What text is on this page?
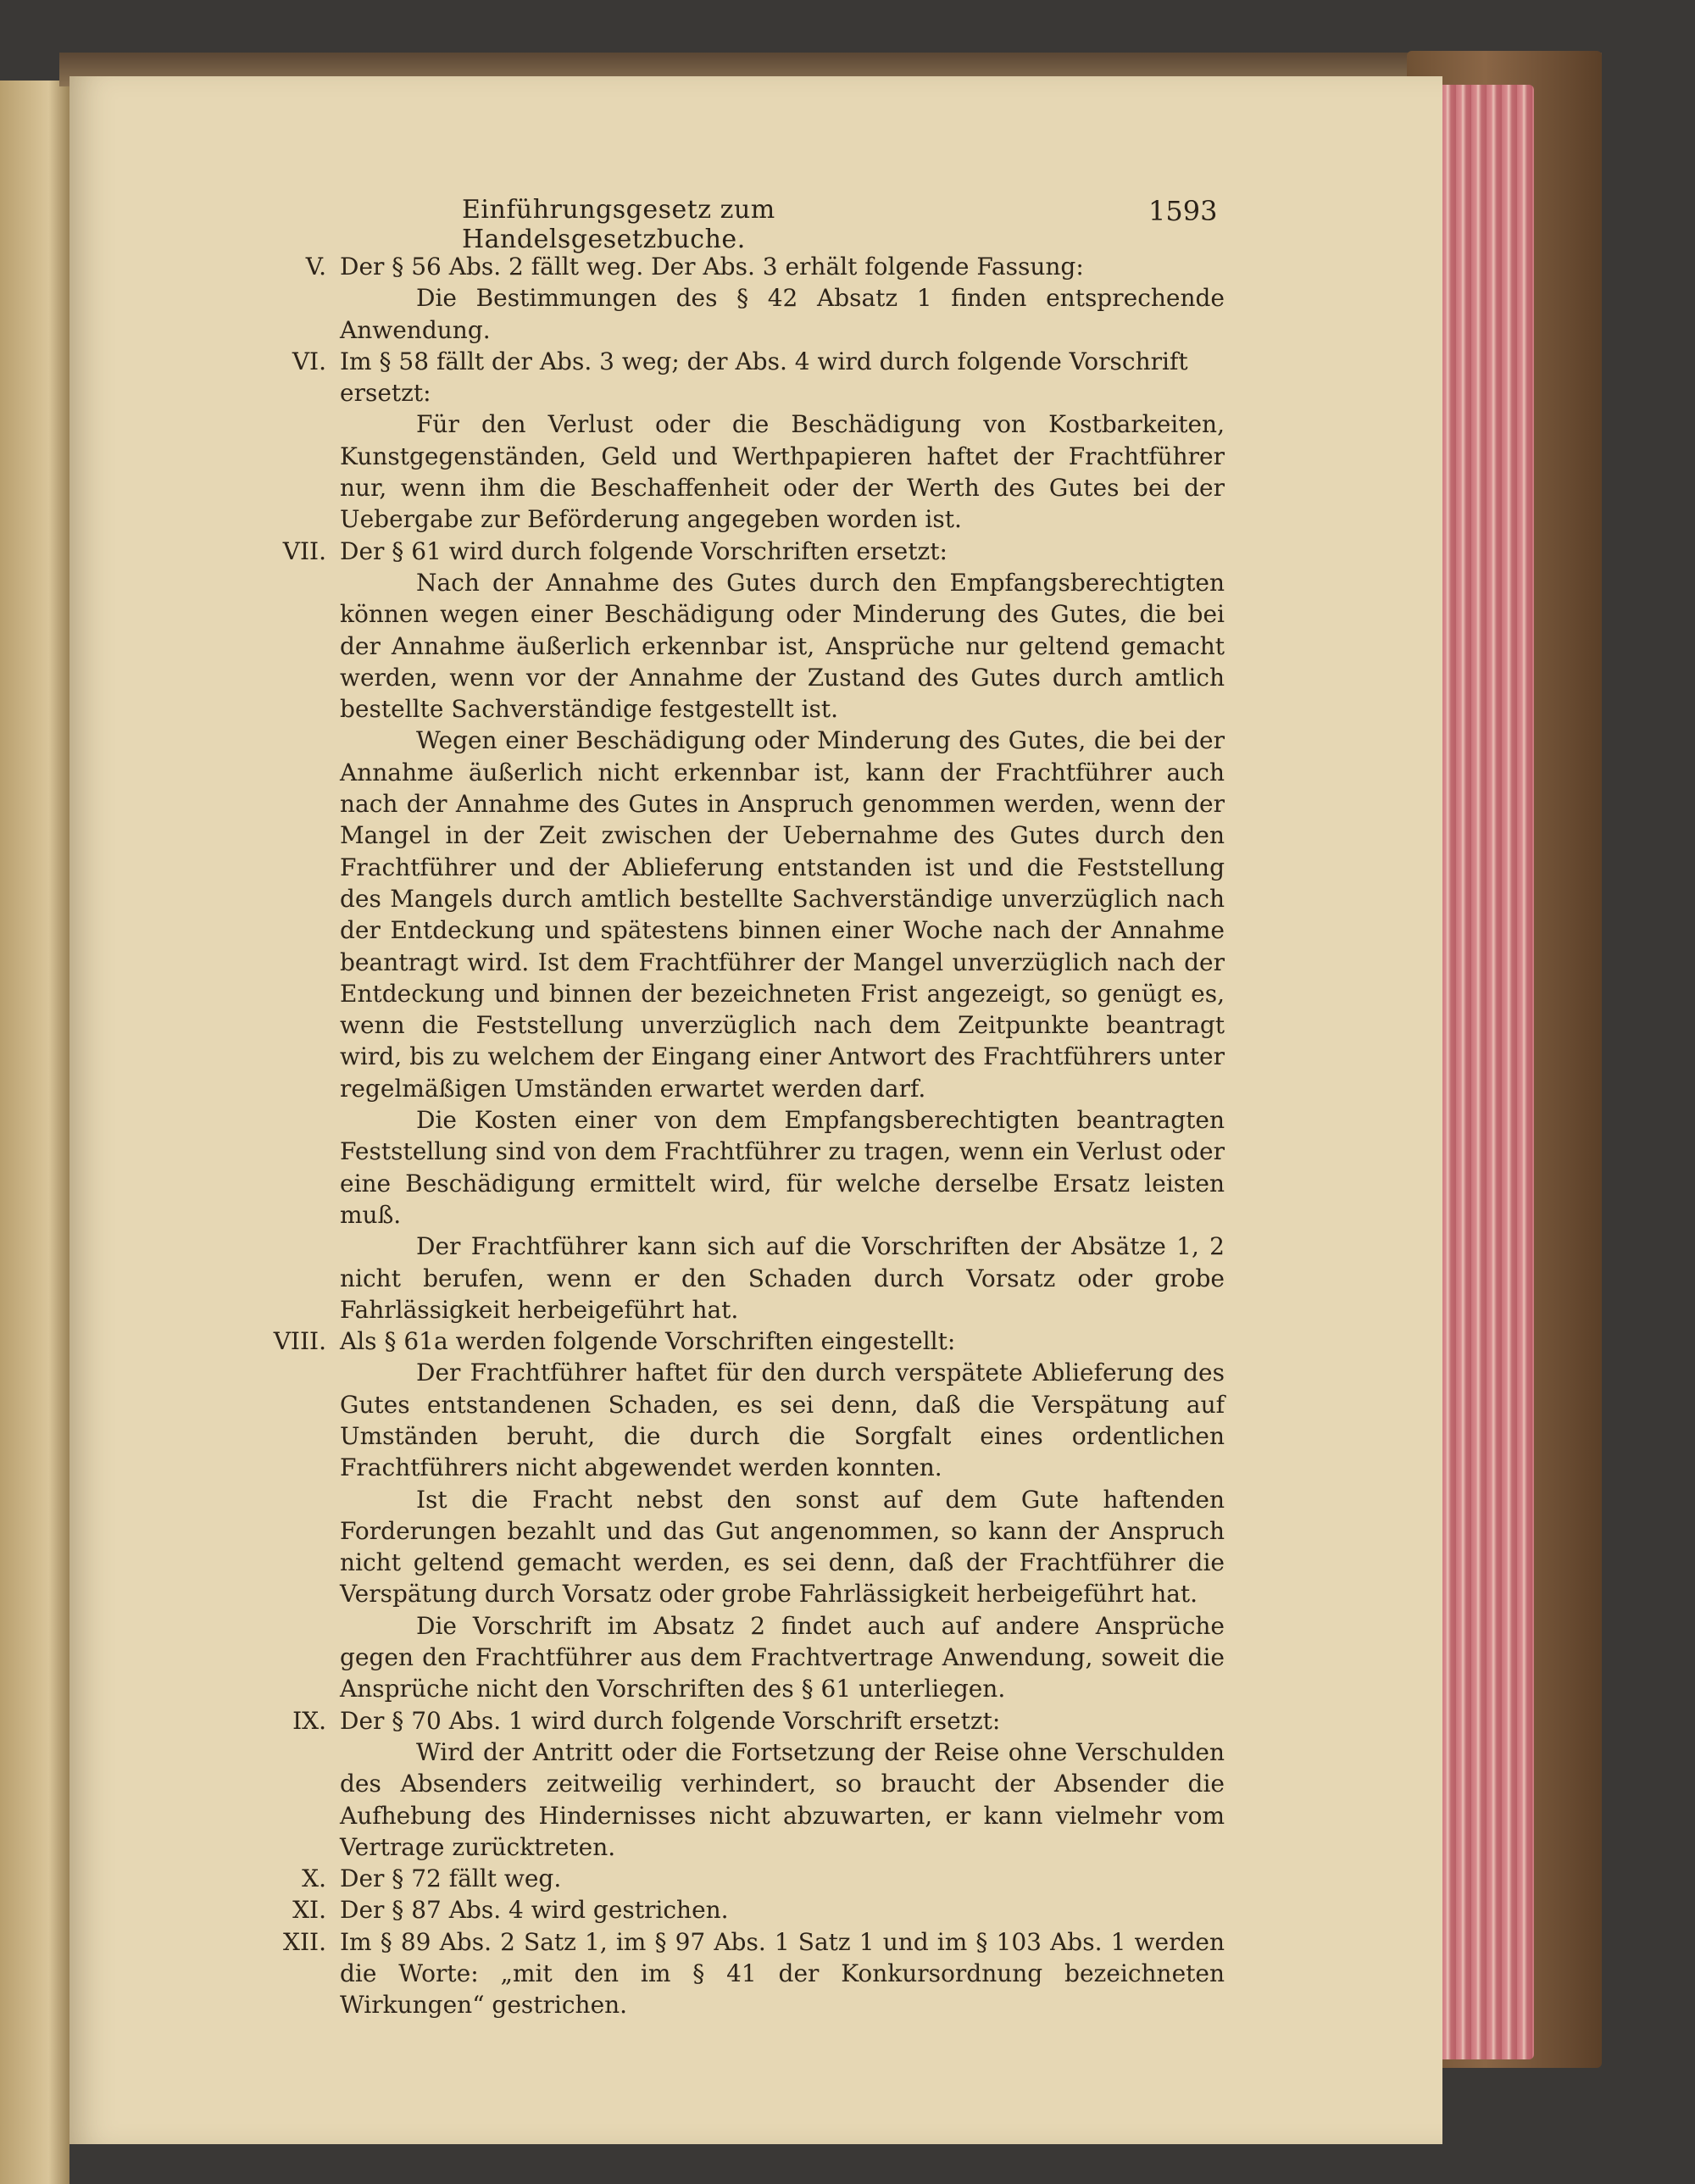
Einführungsgesetz zum Handelsgesetzbuche.
1593
V. Der § 56 Abs. 2 fällt weg. Der Abs. 3 erhält folgende Fassung:

Die Bestimmungen des § 42 Absatz 1 finden entsprechende Anwendung.

VI. Im § 58 fällt der Abs. 3 weg; der Abs. 4 wird durch folgende Vorschrift ersetzt:

Für den Verlust oder die Beschädigung von Kostbarkeiten, Kunstgegenständen, Geld und Werthpapieren haftet der Frachtführer nur, wenn ihm die Beschaffenheit oder der Werth des Gutes bei der Uebergabe zur Beförderung angegeben worden ist.

VII. Der § 61 wird durch folgende Vorschriften ersetzt:

Nach der Annahme des Gutes durch den Empfangsberechtigten können wegen einer Beschädigung oder Minderung des Gutes, die bei der Annahme äußerlich erkennbar ist, Ansprüche nur geltend gemacht werden, wenn vor der Annahme der Zustand des Gutes durch amtlich bestellte Sachverständige festgestellt ist.

Wegen einer Beschädigung oder Minderung des Gutes, die bei der Annahme äußerlich nicht erkennbar ist, kann der Frachtführer auch nach der Annahme des Gutes in Anspruch genommen werden, wenn der Mangel in der Zeit zwischen der Uebernahme des Gutes durch den Frachtführer und der Ablieferung entstanden ist und die Feststellung des Mangels durch amtlich bestellte Sachverständige unverzüglich nach der Entdeckung und spätestens binnen einer Woche nach der Annahme beantragt wird. Ist dem Frachtführer der Mangel unverzüglich nach der Entdeckung und binnen der bezeichneten Frist angezeigt, so genügt es, wenn die Feststellung unverzüglich nach dem Zeitpunkte beantragt wird, bis zu welchem der Eingang einer Antwort des Frachtführers unter regelmäßigen Umständen erwartet werden darf.

Die Kosten einer von dem Empfangsberechtigten beantragten Feststellung sind von dem Frachtführer zu tragen, wenn ein Verlust oder eine Beschädigung ermittelt wird, für welche derselbe Ersatz leisten muß.

Der Frachtführer kann sich auf die Vorschriften der Absätze 1, 2 nicht berufen, wenn er den Schaden durch Vorsatz oder grobe Fahrlässigkeit herbeigeführt hat.

VIII. Als § 61a werden folgende Vorschriften eingestellt:

Der Frachtführer haftet für den durch verspätete Ablieferung des Gutes entstandenen Schaden, es sei denn, daß die Verspätung auf Umständen beruht, die durch die Sorgfalt eines ordentlichen Frachtführers nicht abgewendet werden konnten.

Ist die Fracht nebst den sonst auf dem Gute haftenden Forderungen bezahlt und das Gut angenommen, so kann der Anspruch nicht geltend gemacht werden, es sei denn, daß der Frachtführer die Verspätung durch Vorsatz oder grobe Fahrlässigkeit herbeigeführt hat.

Die Vorschrift im Absatz 2 findet auch auf andere Ansprüche gegen den Frachtführer aus dem Frachtvertrage Anwendung, soweit die Ansprüche nicht den Vorschriften des § 61 unterliegen.

IX. Der § 70 Abs. 1 wird durch folgende Vorschrift ersetzt:

Wird der Antritt oder die Fortsetzung der Reise ohne Verschulden des Absenders zeitweilig verhindert, so braucht der Absender die Aufhebung des Hindernisses nicht abzuwarten, er kann vielmehr vom Vertrage zurücktreten.

X. Der § 72 fällt weg.

XI. Der § 87 Abs. 4 wird gestrichen.

XII. Im § 89 Abs. 2 Satz 1, im § 97 Abs. 1 Satz 1 und im § 103 Abs. 1 werden die Worte: „mit den im § 41 der Konkursordnung bezeichneten Wirkungen“ gestrichen.
